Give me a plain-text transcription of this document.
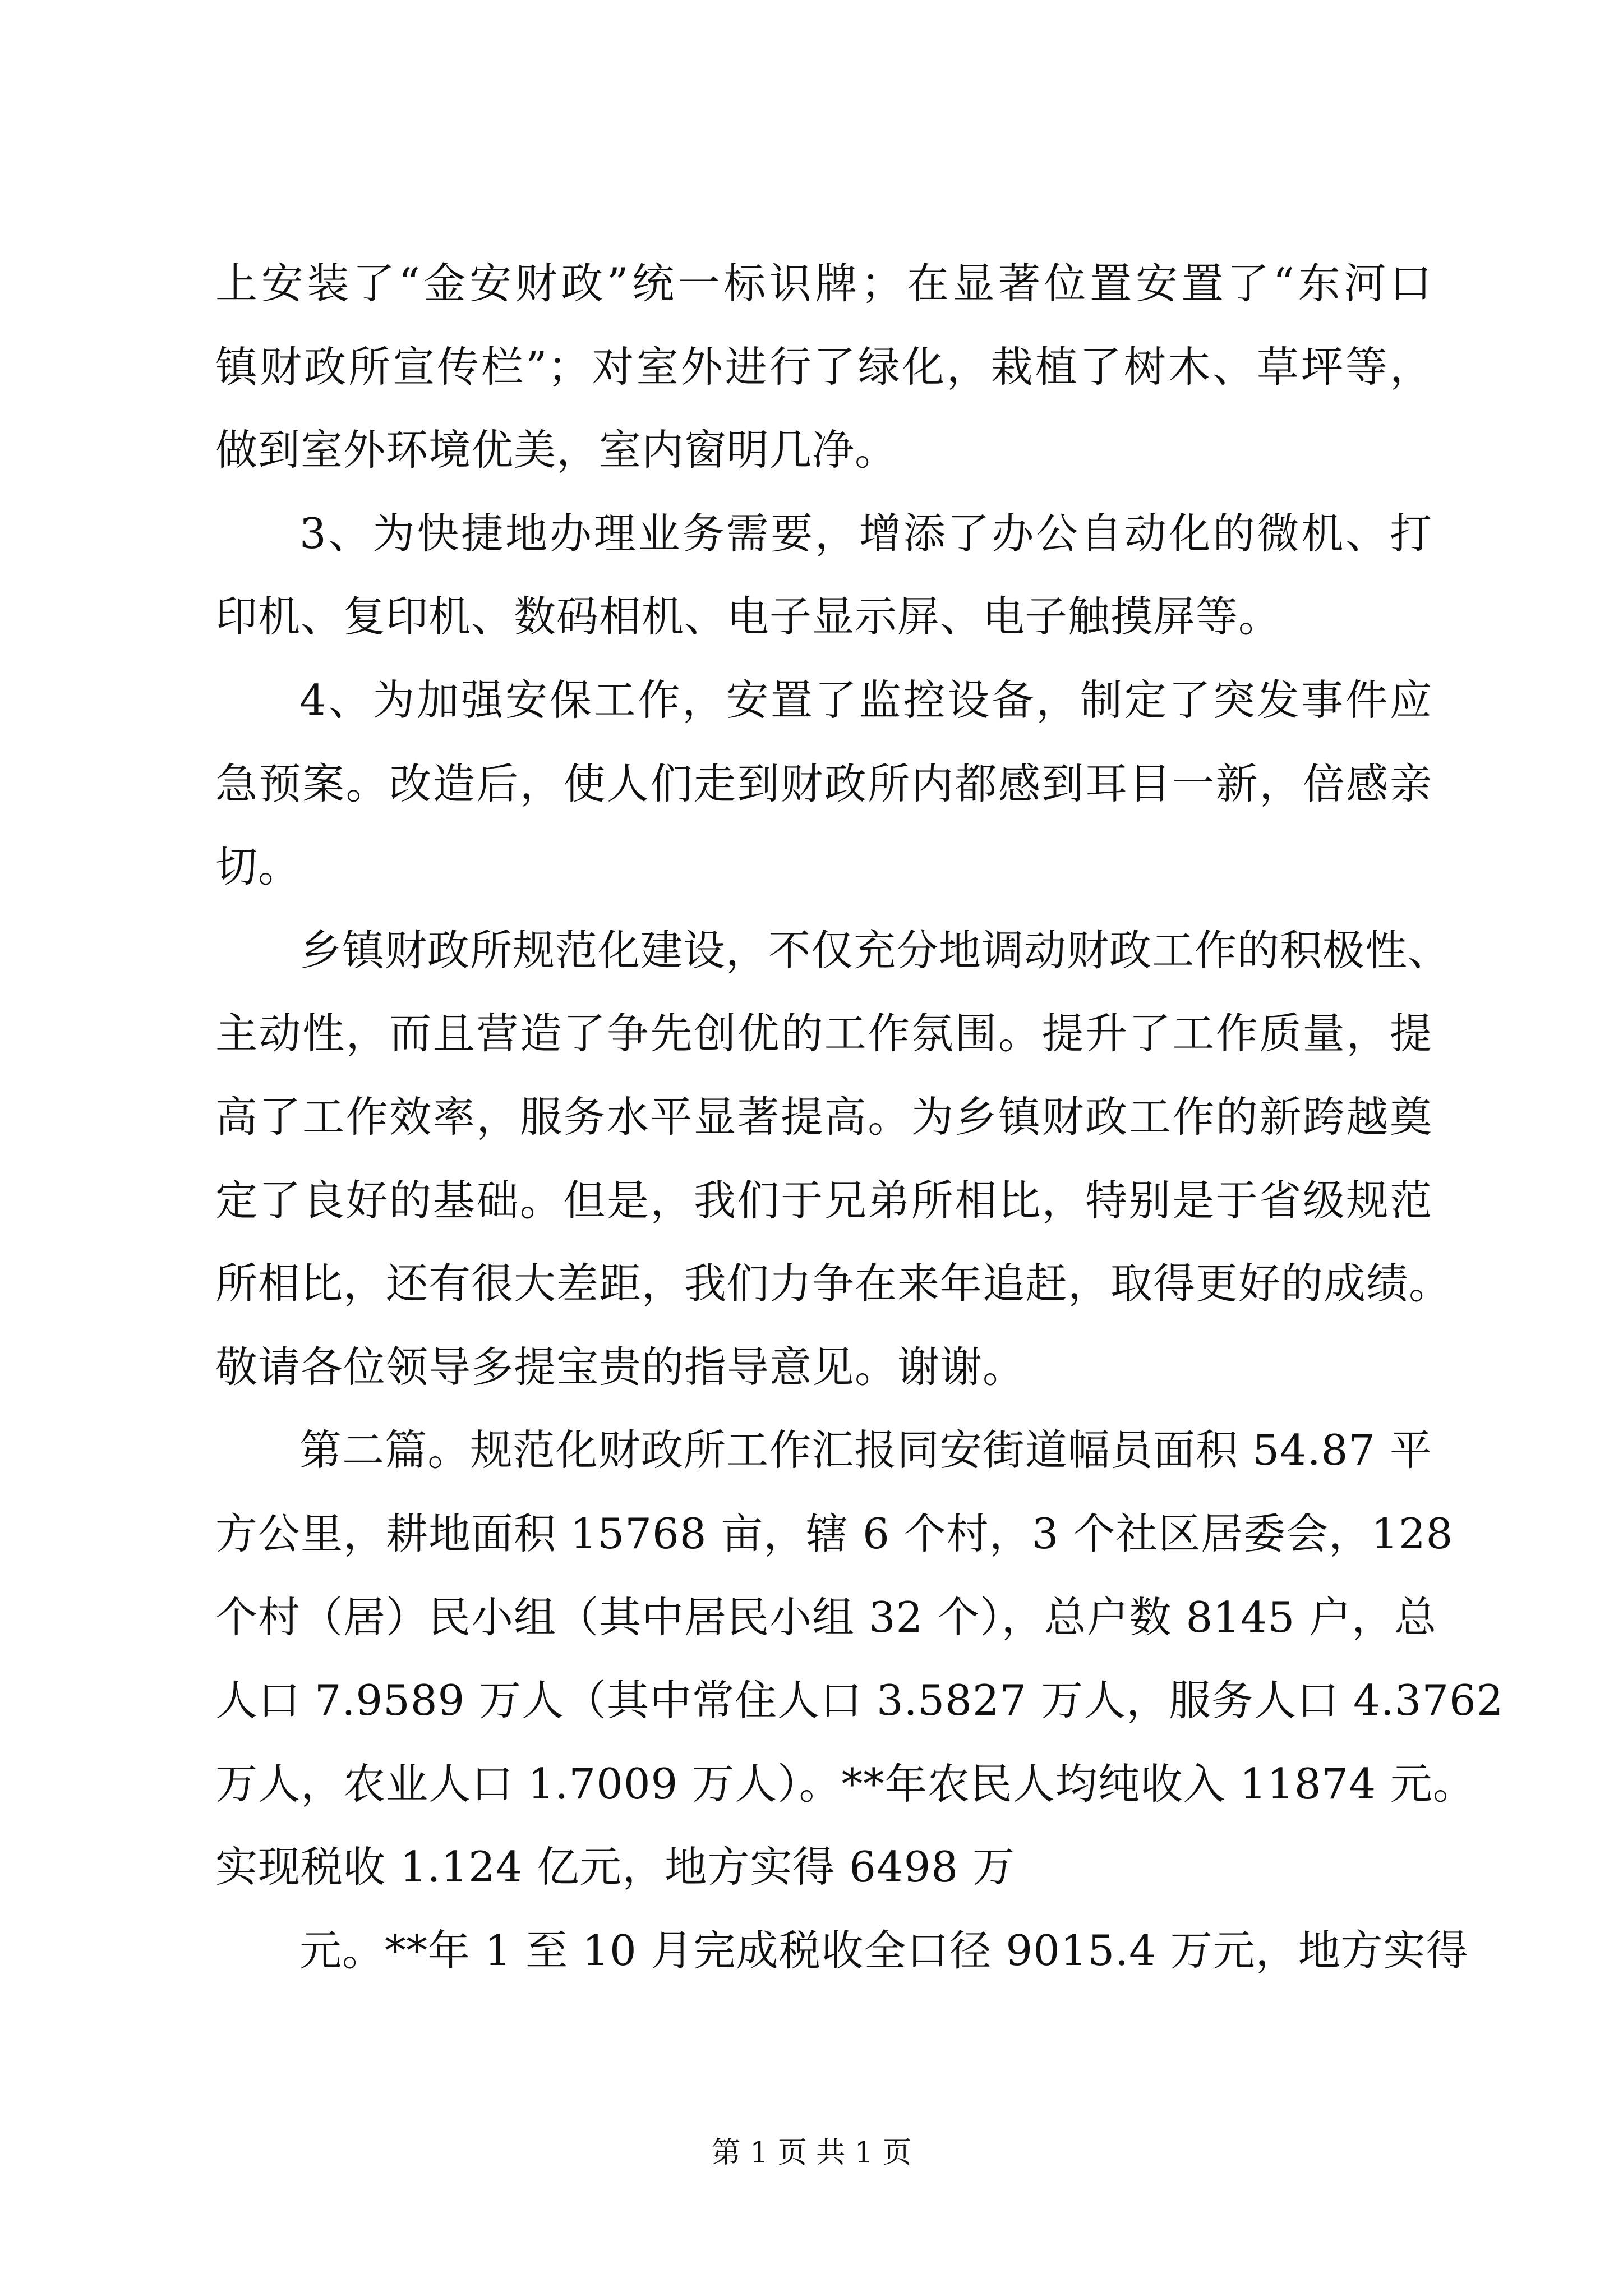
上安装了“金安财政”统一标识牌；在显著位置安置了“东河口
镇财政所宣传栏”；对室外进行了绿化，栽植了树木、草坪等，
做到室外环境优美，室内窗明几净。
3、为快捷地办理业务需要，增添了办公自动化的微机、打
印机、复印机、数码相机、电子显示屏、电子触摸屏等。
4、为加强安保工作，安置了监控设备，制定了突发事件应
急预案。改造后，使人们走到财政所内都感到耳目一新，倍感亲
切。
乡镇财政所规范化建设，不仅充分地调动财政工作的积极性、
主动性，而且营造了争先创优的工作氛围。提升了工作质量，提
高了工作效率，服务水平显著提高。为乡镇财政工作的新跨越奠
定了良好的基础。但是，我们于兄弟所相比，特别是于省级规范
所相比，还有很大差距，我们力争在来年追赶，取得更好的成绩。
敬请各位领导多提宝贵的指导意见。谢谢。
第二篇。规范化财政所工作汇报同安街道幅员面积 54.87 平
方公里，耕地面积 15768 亩，辖 6 个村，3 个社区居委会，128
个村（居）民小组（其中居民小组 32 个），总户数 8145 户，总
人口 7.9589 万人（其中常住人口 3.5827 万人，服务人口 4.3762
万人，农业人口 1.7009 万人）。**年农民人均纯收入 11874 元。
实现税收 1.124 亿元，地方实得 6498 万
元。**年 1 至 10 月完成税收全口径 9015.4 万元，地方实得
第 1 页 共 1 页
